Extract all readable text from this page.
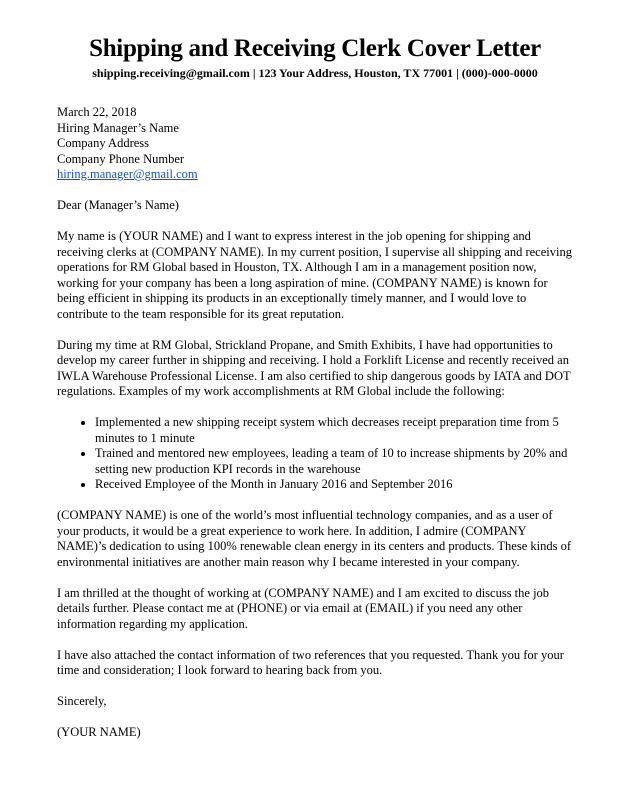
Shipping and Receiving Clerk Cover Letter
shipping.receiving@gmail.com | 123 Your Address, Houston, TX 77001 | (000)-000-0000
March 22, 2018
Hiring Manager’s Name
Company Address
Company Phone Number
hiring.manager@gmail.com

Dear (Manager’s Name)

My name is (YOUR NAME) and I want to express interest in the job opening for shipping and receiving clerks at (COMPANY NAME). In my current position, I supervise all shipping and receiving operations for RM Global based in Houston, TX. Although I am in a management position now, working for your company has been a long aspiration of mine. (COMPANY NAME) is known for being efficient in shipping its products in an exceptionally timely manner, and I would love to contribute to the team responsible for its great reputation.

During my time at RM Global, Strickland Propane, and Smith Exhibits, I have had opportunities to develop my career further in shipping and receiving. I hold a Forklift License and recently received an IWLA Warehouse Professional License. I am also certified to ship dangerous goods by IATA and DOT regulations. Examples of my work accomplishments at RM Global include the following:

• Implemented a new shipping receipt system which decreases receipt preparation time from 5 minutes to 1 minute
• Trained and mentored new employees, leading a team of 10 to increase shipments by 20% and setting new production KPI records in the warehouse
• Received Employee of the Month in January 2016 and September 2016

(COMPANY NAME) is one of the world’s most influential technology companies, and as a user of your products, it would be a great experience to work here. In addition, I admire (COMPANY NAME)’s dedication to using 100% renewable clean energy in its centers and products. These kinds of environmental initiatives are another main reason why I became interested in your company.

I am thrilled at the thought of working at (COMPANY NAME) and I am excited to discuss the job details further. Please contact me at (PHONE) or via email at (EMAIL) if you need any other information regarding my application.

I have also attached the contact information of two references that you requested. Thank you for your time and consideration; I look forward to hearing back from you.

Sincerely,

(YOUR NAME)
